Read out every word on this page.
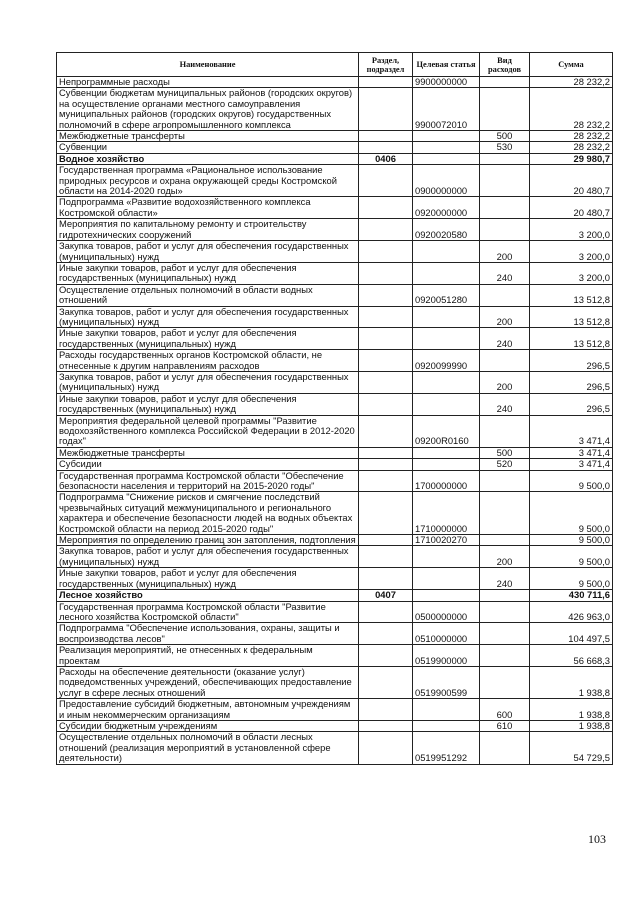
Наименование	Раздел, подраздел	Целевая статья	Вид расходов	Сумма
Непрограммные расходы		9900000000		28 232,2
Субвенции бюджетам муниципальных районов (городских округов) на осуществление органами местного самоуправления муниципальных районов (городских округов) государственных полномочий в сфере агропромышленного комплекса		9900072010		28 232,2
Межбюджетные трансферты			500	28 232,2
Субвенции			530	28 232,2
Водное хозяйство	0406			29 980,7
Государственная программа «Рациональное использование природных ресурсов и охрана окружающей среды Костромской области на 2014-2020 годы»		0900000000		20 480,7
Подпрограмма «Развитие водохозяйственного комплекса Костромской области»		0920000000		20 480,7
Мероприятия по капитальному ремонту и строительству гидротехнических сооружений		0920020580		3 200,0
Закупка товаров, работ и услуг для обеспечения государственных (муниципальных) нужд			200	3 200,0
Иные закупки товаров, работ и услуг для обеспечения государственных (муниципальных) нужд			240	3 200,0
Осуществление отдельных полномочий в области водных отношений		0920051280		13 512,8
Закупка товаров, работ и услуг для обеспечения государственных (муниципальных) нужд			200	13 512,8
Иные закупки товаров, работ и услуг для обеспечения государственных (муниципальных) нужд			240	13 512,8
Расходы государственных органов Костромской области, не отнесенные к другим направлениям расходов		0920099990		296,5
Закупка товаров, работ и услуг для обеспечения государственных (муниципальных) нужд			200	296,5
Иные закупки товаров, работ и услуг для обеспечения государственных (муниципальных) нужд			240	296,5
Мероприятия федеральной целевой программы "Развитие водохозяйственного комплекса Российской Федерации в 2012-2020 годах"		09200R0160		3 471,4
Межбюджетные трансферты			500	3 471,4
Субсидии			520	3 471,4
Государственная программа Костромской области "Обеспечение безопасности населения и территорий на 2015-2020 годы"		1700000000		9 500,0
Подпрограмма "Снижение рисков и смягчение последствий чрезвычайных ситуаций межмуниципального и регионального характера и обеспечение безопасности людей на водных объектах Костромской области на период 2015-2020 годы"		1710000000		9 500,0
Мероприятия по определению границ зон затопления, подтопления		1710020270		9 500,0
Закупка товаров, работ и услуг для обеспечения государственных (муниципальных) нужд			200	9 500,0
Иные закупки товаров, работ и услуг для обеспечения государственных (муниципальных) нужд			240	9 500,0
Лесное хозяйство	0407			430 711,6
Государственная программа Костромской области "Развитие лесного хозяйства Костромской области"		0500000000		426 963,0
Подпрограмма "Обеспечение использования, охраны, защиты и воспроизводства лесов"		0510000000		104 497,5
Реализация мероприятий, не отнесенных к федеральным проектам		0519900000		56 668,3
Расходы на обеспечение деятельности (оказание услуг) подведомственных учреждений, обеспечивающих предоставление услуг в сфере лесных отношений		0519900599		1 938,8
Предоставление субсидий бюджетным, автономным учреждениям и иным некоммерческим организациям			600	1 938,8
Субсидии бюджетным учреждениям			610	1 938,8
Осуществление отдельных полномочий в области лесных отношений (реализация мероприятий в установленной сфере деятельности)		0519951292		54 729,5
103
